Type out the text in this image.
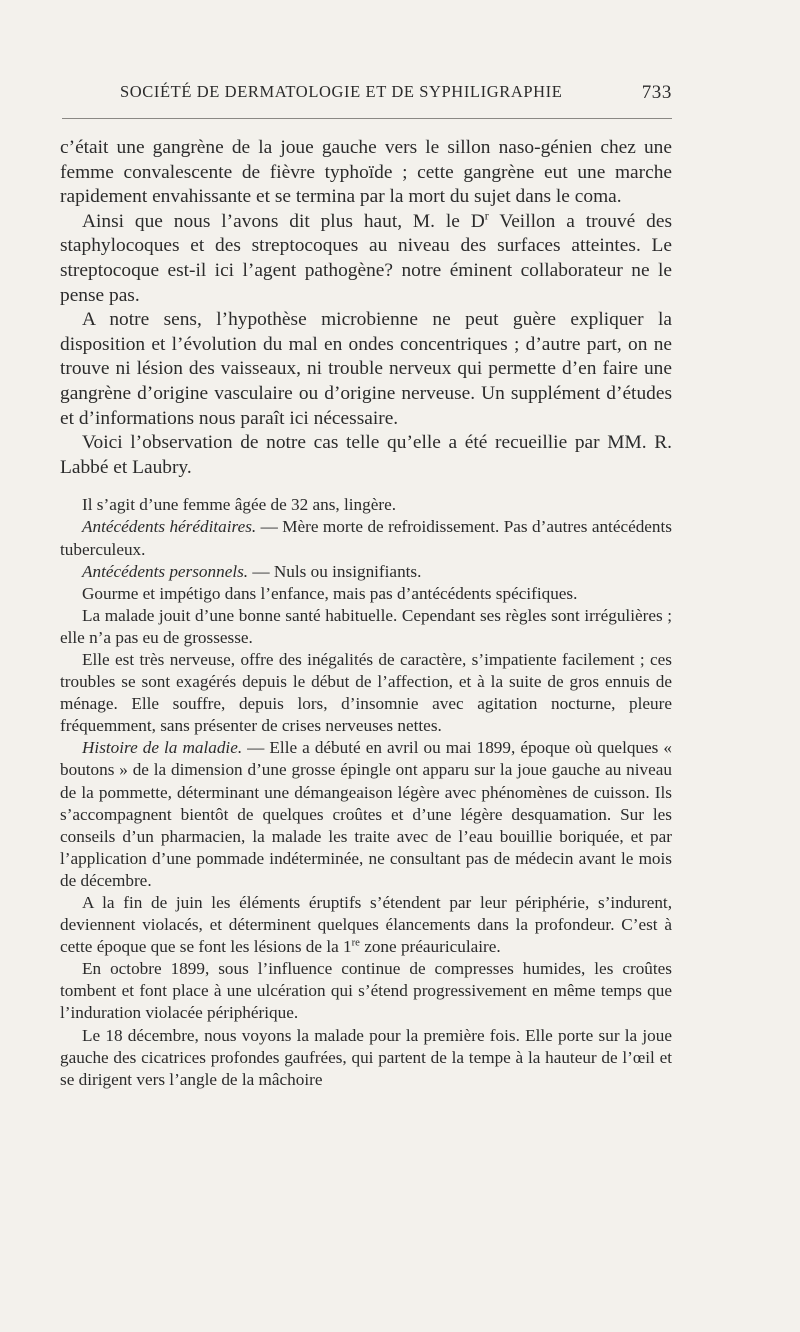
SOCIÉTÉ DE DERMATOLOGIE ET DE SYPHILIGRAPHIE	733

c’était une gangrène de la joue gauche vers le sillon naso-génien chez une femme convalescente de fièvre typhoïde ; cette gangrène eut une marche rapidement envahissante et se termina par la mort du sujet dans le coma.

Ainsi que nous l’avons dit plus haut, M. le $D^r$ Veillon a trouvé des staphylocoques et des streptocoques au niveau des surfaces atteintes. Le streptocoque est-il ici l’agent pathogène? notre éminent collaborateur ne le pense pas.

A notre sens, l’hypothèse microbienne ne peut guère expliquer la disposition et l’évolution du mal en ondes concentriques ; d’autre part, on ne trouve ni lésion des vaisseaux, ni trouble nerveux qui permette d’en faire une gangrène d’origine vasculaire ou d’origine nerveuse. Un supplément d’études et d’informations nous paraît ici nécessaire.

Voici l’observation de notre cas telle qu’elle a été recueillie par MM. R. Labbé et Laubry.

Il s’agit d’une femme âgée de 32 ans, lingère.

Antécédents héréditaires. — Mère morte de refroidissement. Pas d’autres antécédents tuberculeux.

Antécédents personnels. — Nuls ou insignifiants.

Gourme et impétigo dans l’enfance, mais pas d’antécédents spécifiques.

La malade jouit d’une bonne santé habituelle. Cependant ses règles sont irrégulières ; elle n’a pas eu de grossesse.

Elle est très nerveuse, offre des inégalités de caractère, s’impatiente facilement ; ces troubles se sont exagérés depuis le début de l’affection, et à la suite de gros ennuis de ménage. Elle souffre, depuis lors, d’insomnie avec agitation nocturne, pleure fréquemment, sans présenter de crises nerveuses nettes.

Histoire de la maladie. — Elle a débuté en avril ou mai 1899, époque où quelques « boutons » de la dimension d’une grosse épingle ont apparu sur la joue gauche au niveau de la pommette, déterminant une démangeaison légère avec phénomènes de cuisson. Ils s’accompagnent bientôt de quelques croûtes et d’une légère desquamation. Sur les conseils d’un pharmacien, la malade les traite avec de l’eau bouillie boriquée, et par l’application d’une pommade indéterminée, ne consultant pas de médecin avant le mois de décembre.

A la fin de juin les éléments éruptifs s’étendent par leur périphérie, s’indurent, deviennent violacés, et déterminent quelques élancements dans la profondeur. C’est à cette époque que se font les lésions de la 1re zone préauriculaire.

En octobre 1899, sous l’influence continue de compresses humides, les croûtes tombent et font place à une ulcération qui s’étend progressivement en même temps que l’induration violacée périphérique.

Le 18 décembre, nous voyons la malade pour la première fois. Elle porte sur la joue gauche des cicatrices profondes gaufrées, qui partent de la tempe à la hauteur de l’œil et se dirigent vers l’angle de la mâchoire
